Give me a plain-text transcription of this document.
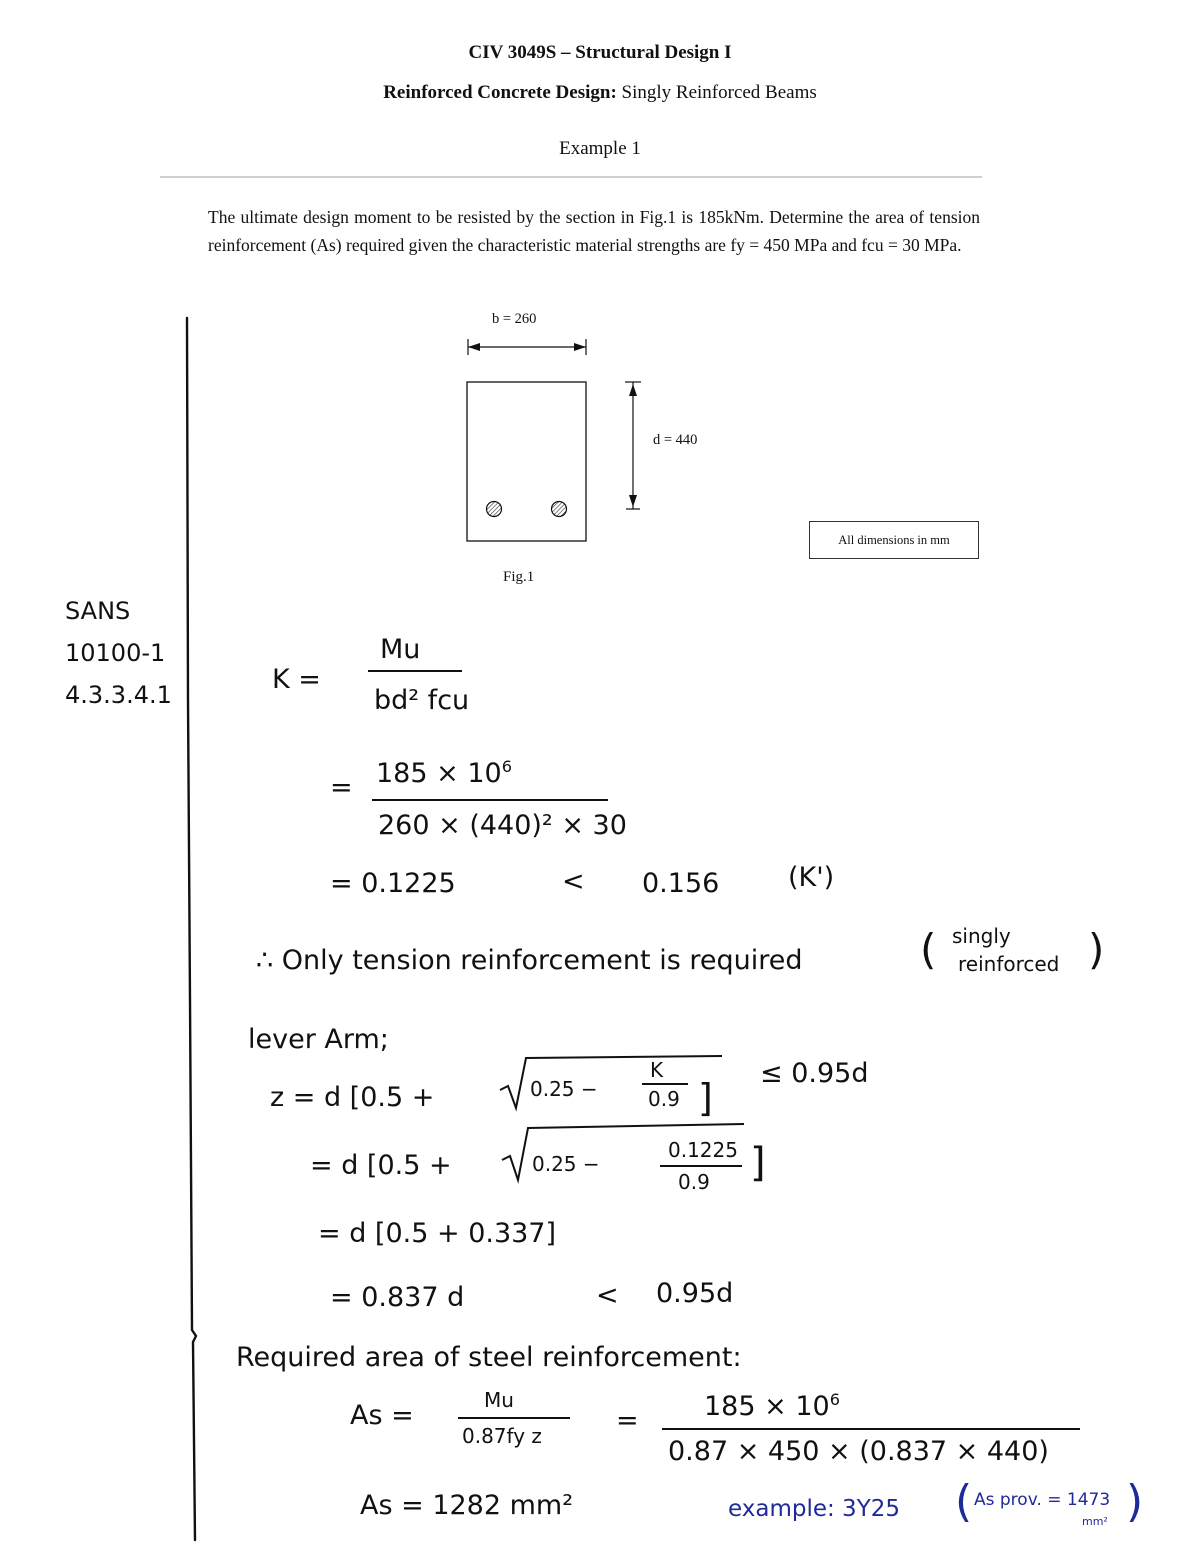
CIV 3049S – Structural Design I
Reinforced Concrete Design: Singly Reinforced Beams
Example 1
The ultimate design moment to be resisted by the section in Fig.1 is 185kNm. Determine the area of tension reinforcement (As) required given the characteristic material strengths are fy = 450 MPa and fcu = 30 MPa.
b = 260
d = 440
Fig.1
All dimensions in mm
SANS
10100-1
4.3.3.4.1	K =
Mu
bd² fcu
= $185 \times 10^6$
260 × (440)² × 30
= 0.1225	< 0.156	(K')
∴ Only tension reinforcement is required	( singly
reinforced )
lever Arm;
z = d [0.5 +	0.25 −
K
0.9 ]
≤ 0.95d
= d [0.5 +	0.25 −
0.1225
0.9 ]
= d [0.5 + 0.337]
= 0.837 d	< 0.95d
Required area of steel reinforcement:
As =	Mu
0.87fy z	= $185 \times 10^6$
0.87 × 450 × (0.837 × 440)
As = 1282 mm²	example: 3Y25 ( As prov. = 1473
mm² )
